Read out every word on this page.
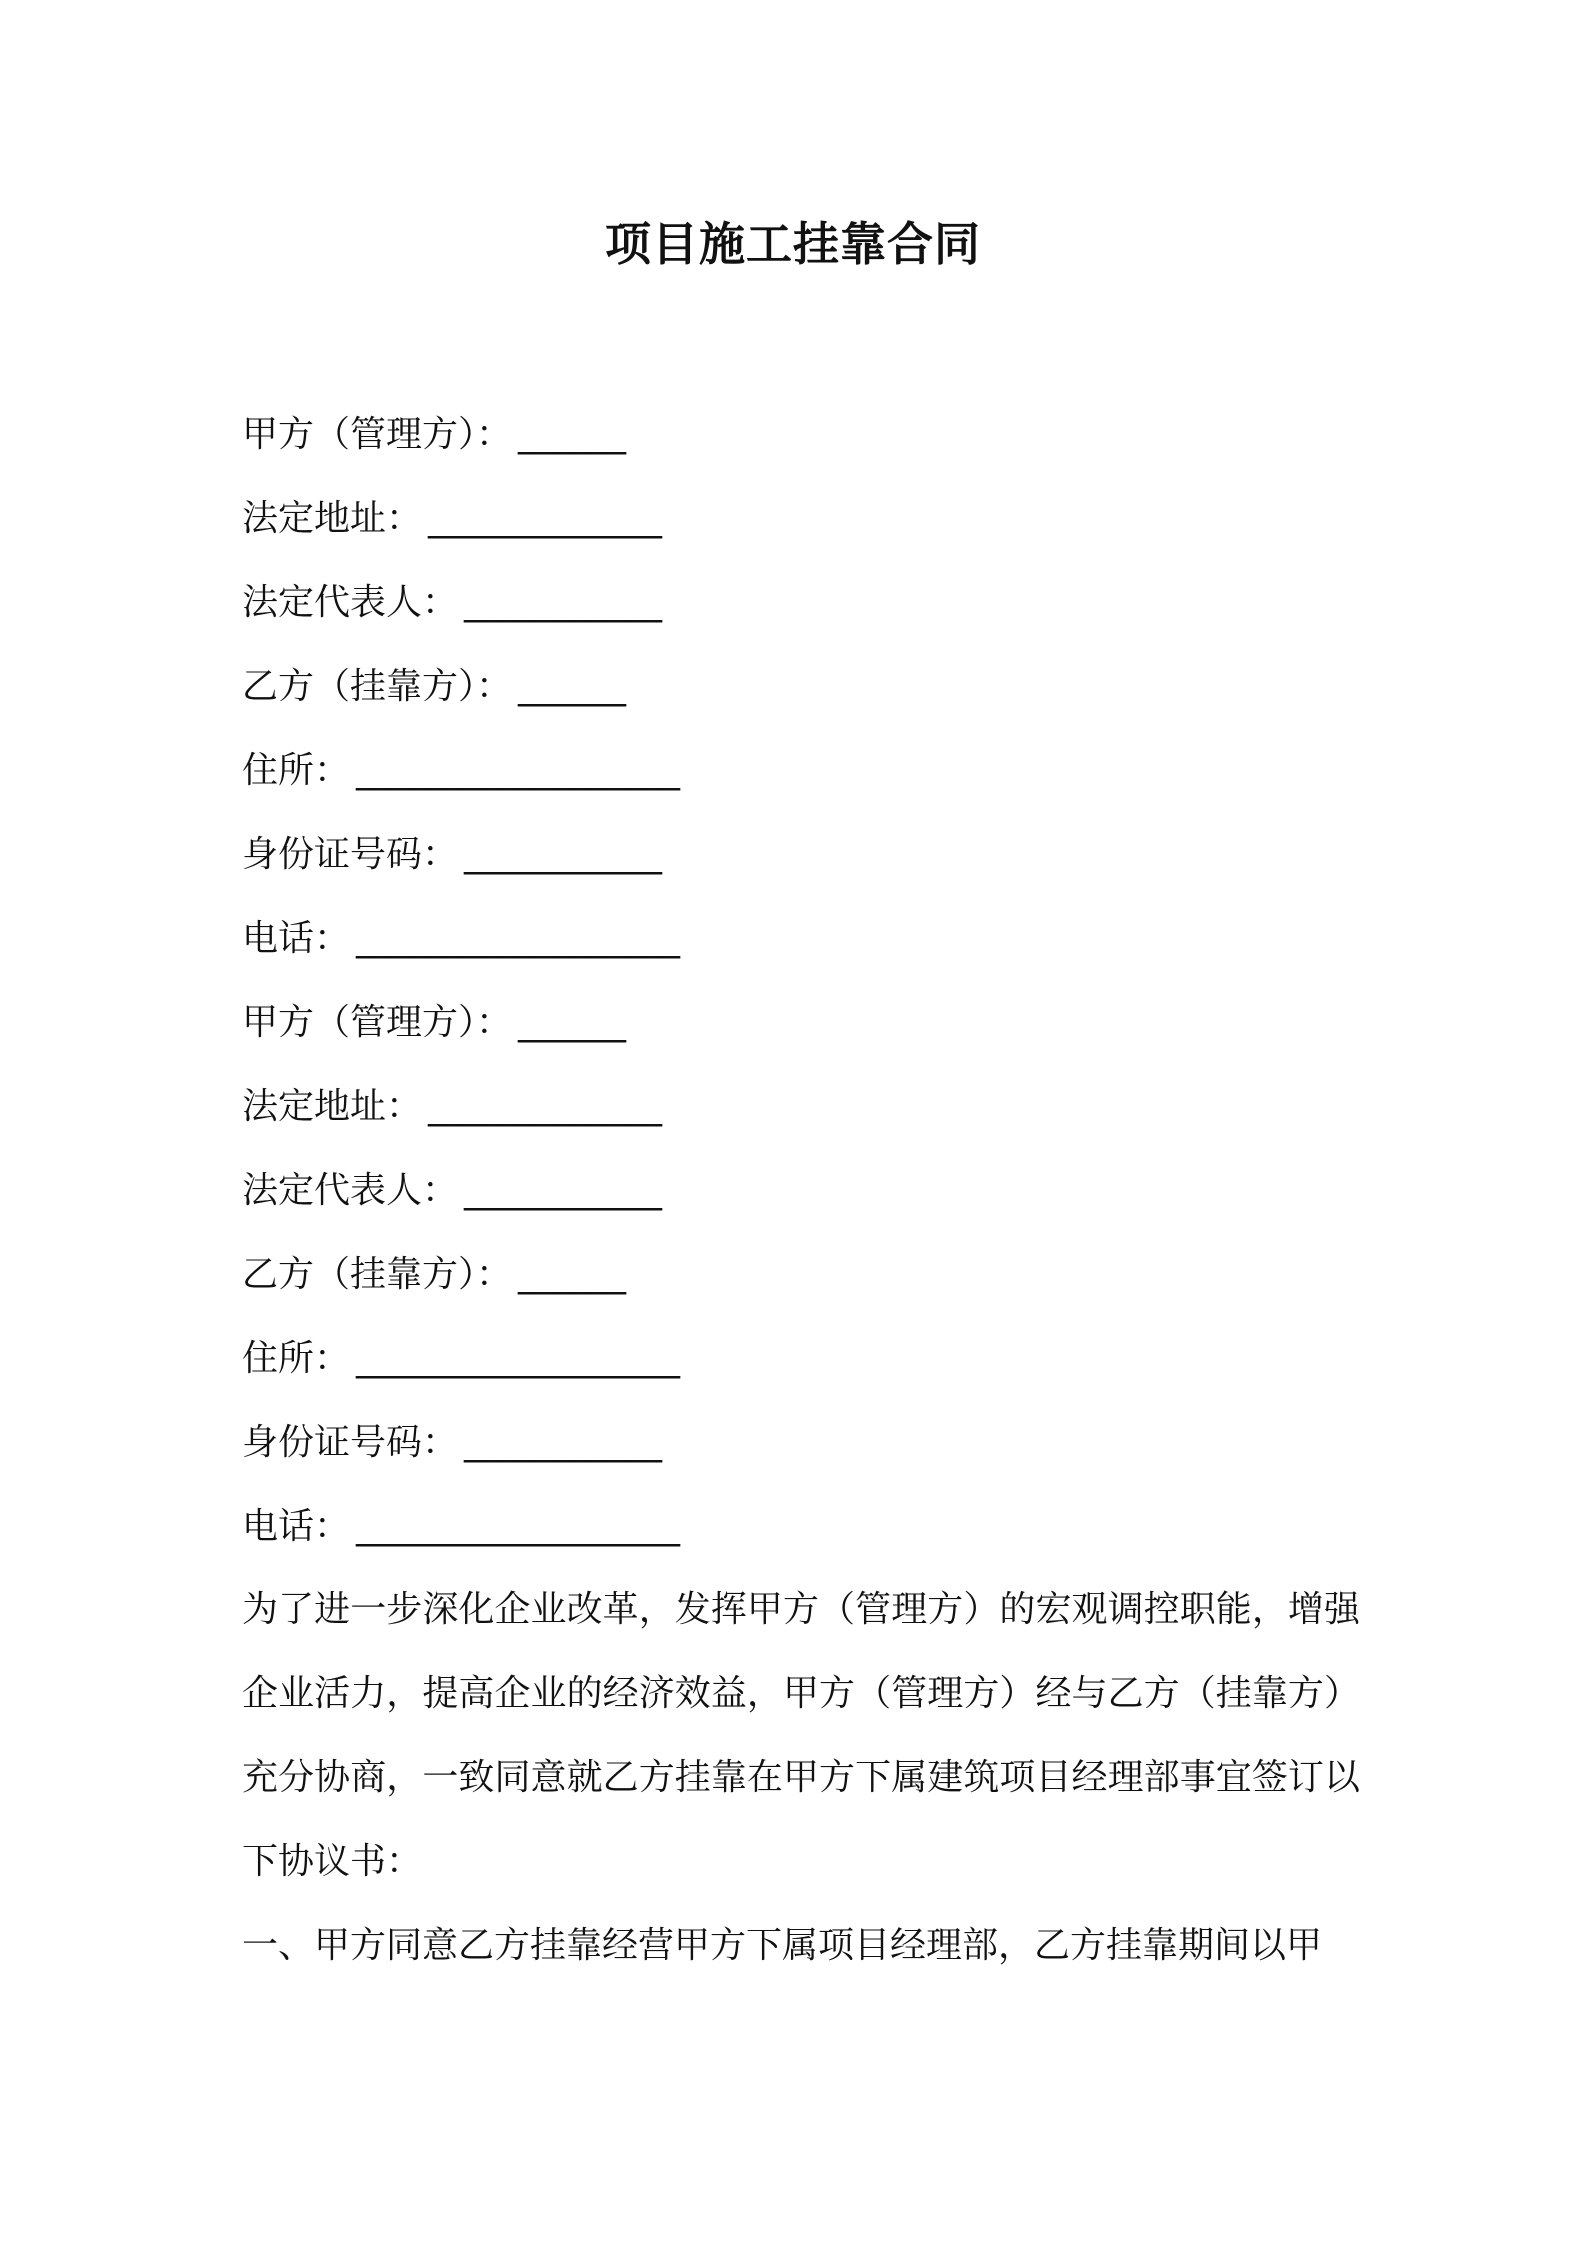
项目施工挂靠合同
甲方（管理方）： ______
法定地址： _____________
法定代表人： ___________
乙方（挂靠方）： ______
住所： __________________
身份证号码： ___________
电话： __________________
甲方（管理方）： ______
法定地址： _____________
法定代表人： ___________
乙方（挂靠方）： ______
住所： __________________
身份证号码： ___________
电话： __________________

为了进一步深化企业改革，发挥甲方（管理方）的宏观调控职能，增强企业活力，提高企业的经济效益，甲方（管理方）经与乙方（挂靠方）充分协商，一致同意就乙方挂靠在甲方下属建筑项目经理部事宜签订以下协议书：

一、甲方同意乙方挂靠经营甲方下属项目经理部，乙方挂靠期间以甲
